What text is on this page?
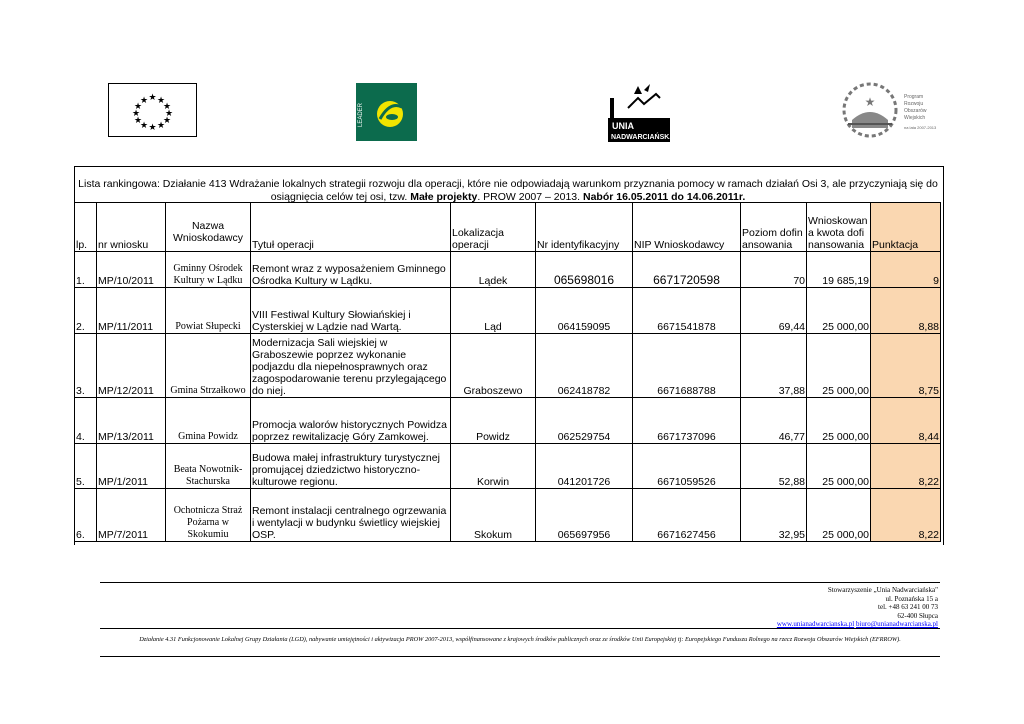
★ ★
★
★
★
★
★
★
★
★
★
★
LEADER	UNIA
NADWARCIAŃSKA
★	Program
Rozwoju
Obszarów
Wiejskich
na lata 2007-2013
Lista rankingowa: Działanie 413 Wdrażanie lokalnych strategii rozwoju dla operacji, które nie odpowiadają warunkom przyznania pomocy w ramach działań Osi 3, ale przyczyniają się do
osiągnięcia celów tej osi, tzw. Małe projekty. PROW 2007 – 2013. Nabór 16.05.2011 do 14.06.2011r.
lp.	nr wniosku	Nazwa Wnioskodawcy	Tytuł operacji	Lokalizacja operacji	Nr identyfikacyjny	NIP Wnioskodawcy	Poziom dofinansowania	Wnioskowana kwota dofinansowania	Punktacja
1.	MP/10/2011	Gminny Ośrodek Kultury w Lądku	Remont wraz z wyposażeniem Gminnego Ośrodka Kultury w Lądku.	Lądek	065698016	6671720598	70	19 685,19	9
2.	MP/11/2011	Powiat Słupecki	VIII Festiwal Kultury Słowiańskiej i Cysterskiej w Lądzie nad Wartą.	Ląd	064159095	6671541878	69,44	25 000,00	8,88
3.	MP/12/2011	Gmina Strzałkowo	Modernizacja Sali wiejskiej w Graboszewie poprzez wykonanie podjazdu dla niepełnosprawnych oraz zagospodarowanie terenu przylegającego do niej.	Graboszewo	062418782	6671688788	37,88	25 000,00	8,75
4.	MP/13/2011	Gmina Powidz	Promocja walorów historycznych Powidza poprzez rewitalizację Góry Zamkowej.	Powidz	062529754	6671737096	46,77	25 000,00	8,44
5.	MP/1/2011	Beata Nowotnik-Stachurska	Budowa małej infrastruktury turystycznej promującej dziedzictwo historyczno-kulturowe regionu.	Korwin	041201726	6671059526	52,88	25 000,00	8,22
6.	MP/7/2011	Ochotnicza Straż Pożarna w Skokumiu	Remont instalacji centralnego ogrzewania i wentylacji w budynku świetlicy wiejskiej OSP.	Skokum	065697956	6671627456	32,95	25 000,00	8,22
Stowarzyszenie „Unia Nadwarciańska"
ul. Poznańska 15 a
tel. +48 63 241 00 73
62-400 Słupca
www.unianadwarcianska.pl biuro@unianadwarcianska.pl
Działanie 4.31 Funkcjonowanie Lokalnej Grupy Działania (LGD), nabywanie umiejętności i aktywizacja PROW 2007-2013, współfinansowane z krajowych środków publicznych oraz ze środków Unii Europejskiej tj: Europejskiego Funduszu Rolnego na rzecz Rozwoju Obszarów Wiejskich (EFRROW).
